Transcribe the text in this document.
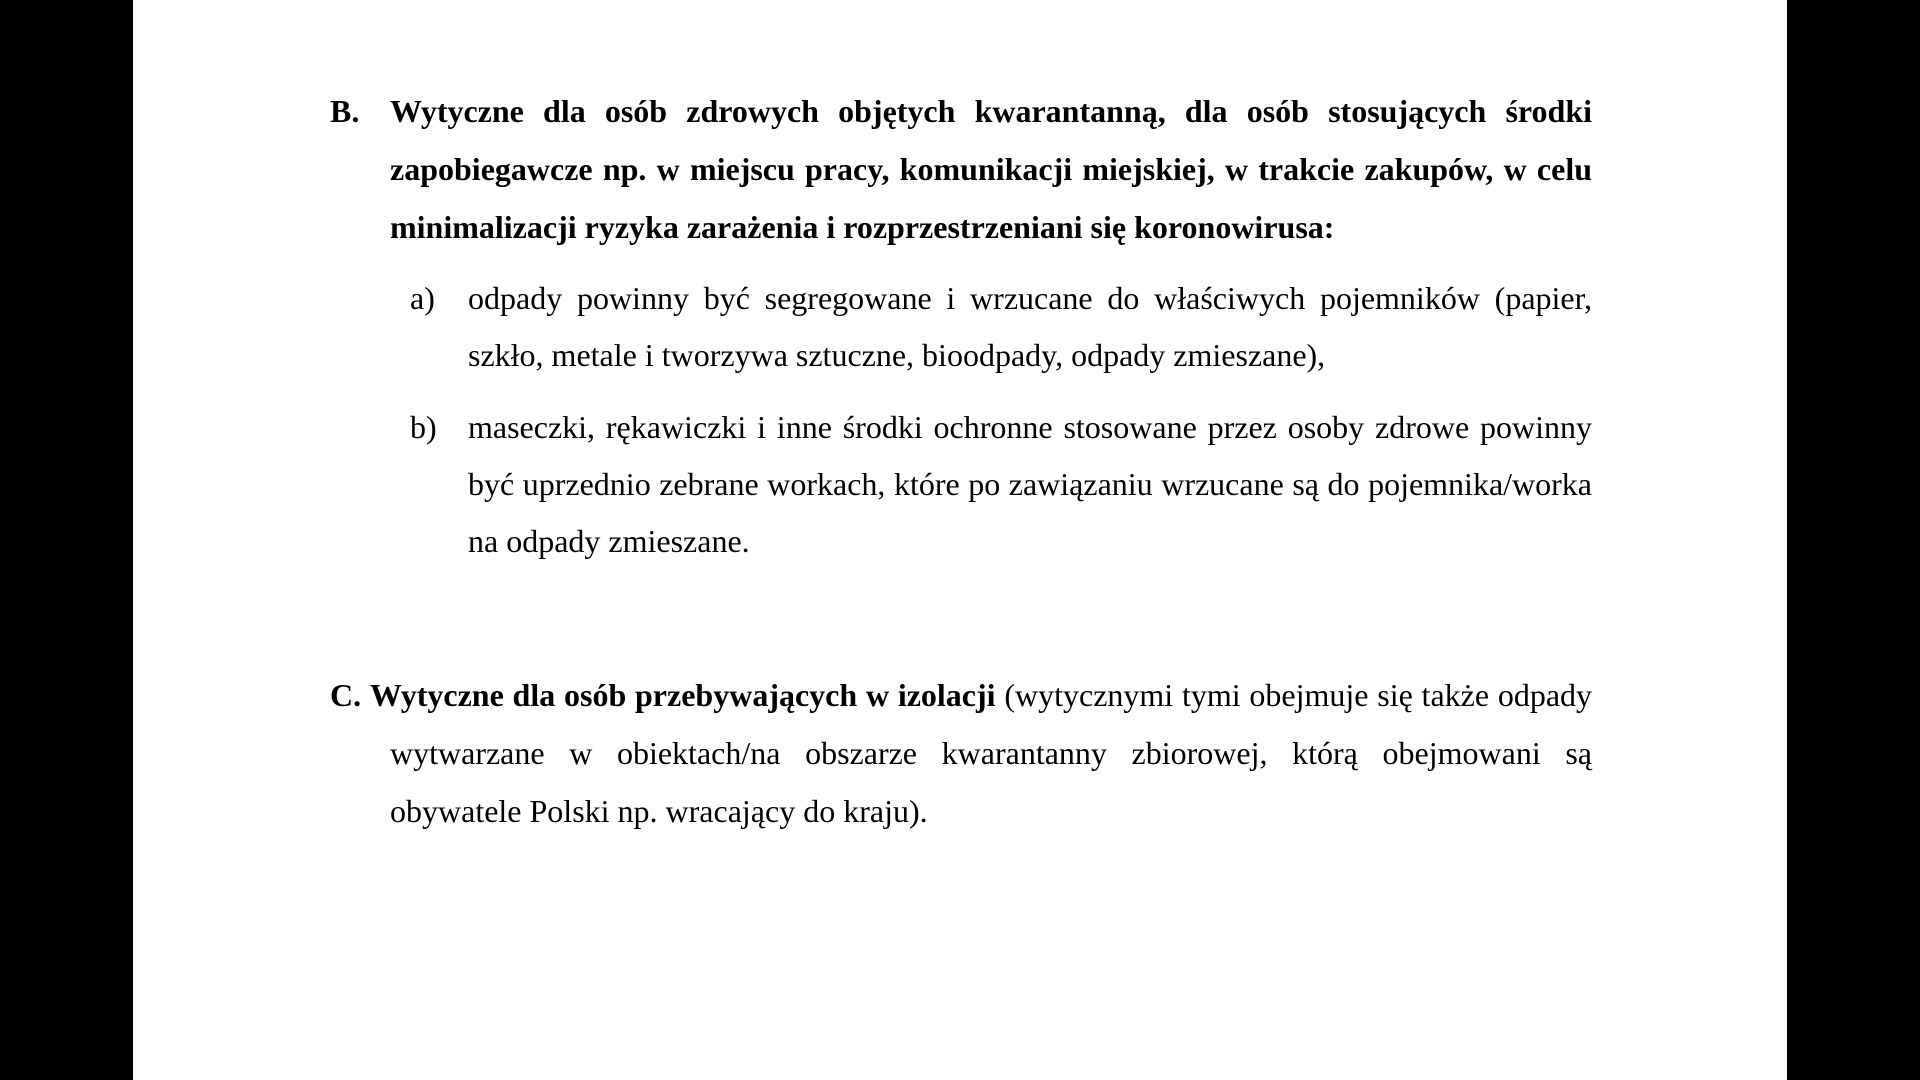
B. Wytyczne dla osób zdrowych objętych kwarantanną, dla osób stosujących środki zapobiegawcze np. w miejscu pracy, komunikacji miejskiej, w trakcie zakupów, w celu minimalizacji ryzyka zarażenia i rozprzestrzeniani się koronowirusa:
a)	odpady powinny być segregowane i wrzucane do właściwych pojemników (papier, szkło, metale i tworzywa sztuczne, bioodpady, odpady zmieszane),
b) maseczki, rękawiczki i inne środki ochronne stosowane przez osoby zdrowe powinny być uprzednio zebrane workach, które po zawiązaniu wrzucane są do pojemnika/worka na odpady zmieszane.

C. Wytyczne dla osób przebywających w izolacji (wytycznymi tymi obejmuje się także odpady wytwarzane w obiektach/na obszarze kwarantanny zbiorowej, którą obejmowani są obywatele Polski np. wracający do kraju).
